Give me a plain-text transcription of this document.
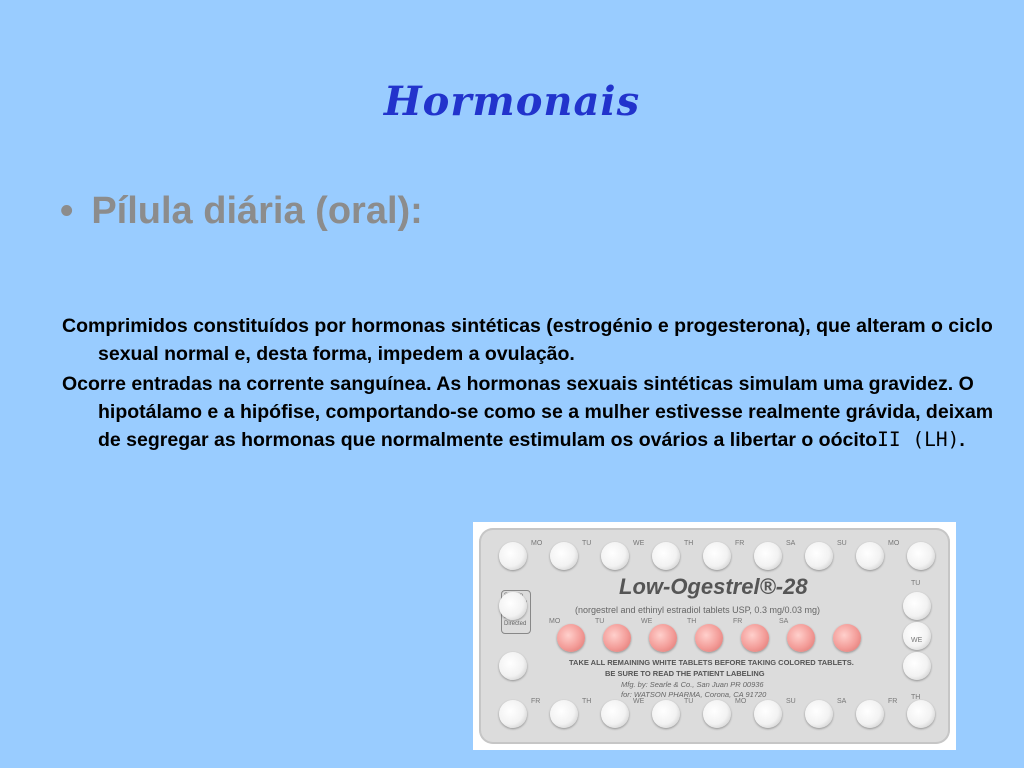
Hormonais
• Pílula diária (oral):
Comprimidos constituídos por hormonas sintéticas (estrogénio e progesterona), que alteram o ciclo sexual normal e, desta forma, impedem a ovulação.
Ocorre entradas na corrente sanguínea. As hormonas sexuais sintéticas simulam uma gravidez. O hipotálamo e a hipófise, comportando-se como se a mulher estivesse realmente grávida, deixam de segregar as hormonas que normalmente estimulam os ovários a libertar o oócitoII (LH).
Directed
Low-Ogestrel®-28
(norgestrel and ethinyl estradiol tablets USP, 0.3 mg/0.03 mg)
TAKE ALL REMAINING WHITE TABLETS BEFORE TAKING COLORED TABLETS.
BE SURE TO READ THE PATIENT LABELING
Mfg. by: Searle & Co., San Juan PR 00936
for: WATSON PHARMA, Corona, CA 91720
MO	TU	WE	TH	FR	SA	SU	MO
FR	TH	WE	TU	MO	SU	SA	FR
TU
WE
TH
MO	TU	WE	TH	FR	SA
